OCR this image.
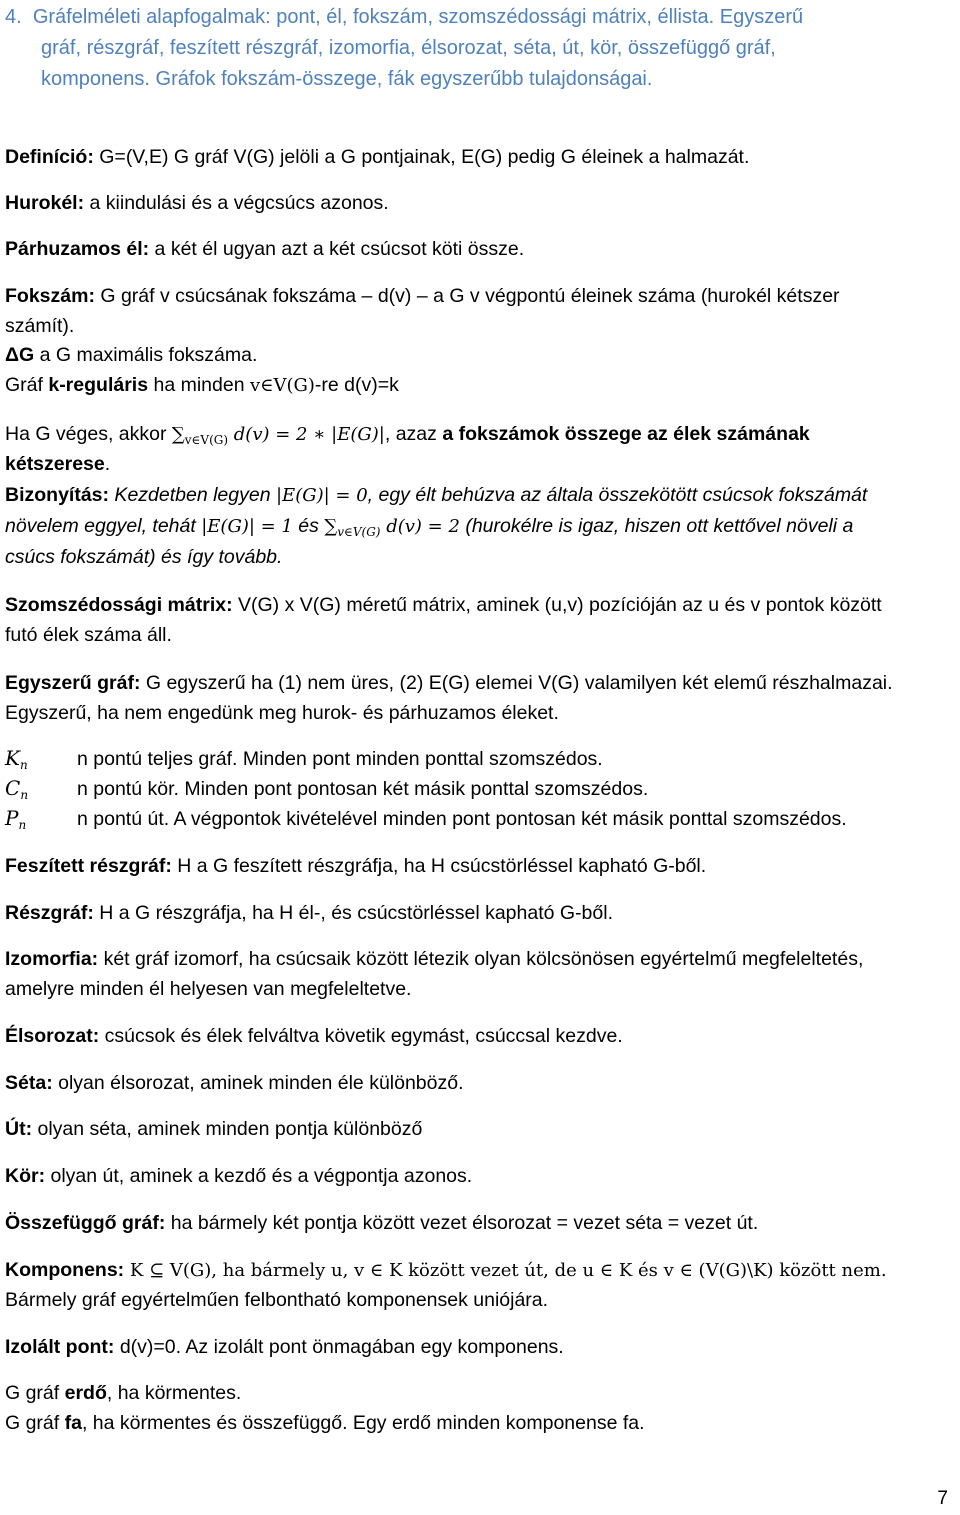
4. Gráfelméleti alapfogalmak: pont, él, fokszám, szomszédossági mátrix, éllista. Egyszerű
gráf, részgráf, feszített részgráf, izomorfia, élsorozat, séta, út, kör, összefüggő gráf,
komponens. Gráfok fokszám-összege, fák egyszerűbb tulajdonságai.
Definíció: G=(V,E) G gráf V(G) jelöli a G pontjainak, E(G) pedig G éleinek a halmazát.
Hurokél: a kiindulási és a végcsúcs azonos.
Párhuzamos él: a két él ugyan azt a két csúcsot köti össze.
Fokszám: G gráf v csúcsának fokszáma – d(v) – a G v végpontú éleinek száma (hurokél kétszer
számít).
ΔG a G maximális fokszáma.
Gráf k-reguláris ha minden v∈V(G)-re d(v)=k
Ha G véges, akkor $\sum_{v\in V(G)}$ d(v) = 2 ∗ |E(G)|, azaz a fokszámok összege az élek számának
kétszerese.
Bizonyítás: Kezdetben legyen |E(G)| = 0, egy élt behúzva az általa összekötött csúcsok fokszámát
növelem eggyel, tehát |E(G)| = 1 és $\sum_{v\in V(G)}$ d(v) = 2 (hurokélre is igaz, hiszen ott kettővel növeli a
csúcs fokszámát) és így tovább.
Szomszédossági mátrix: V(G) x V(G) méretű mátrix, aminek (u,v) pozícióján az u és v pontok között
futó élek száma áll.
Egyszerű gráf: G egyszerű ha (1) nem üres, (2) E(G) elemei V(G) valamilyen két elemű részhalmazai.
Egyszerű, ha nem engedünk meg hurok- és párhuzamos éleket.
$K_n$	n pontú teljes gráf. Minden pont minden ponttal szomszédos.
$C_n$	n pontú kör. Minden pont pontosan két másik ponttal szomszédos.
$P_n$	n pontú út. A végpontok kivételével minden pont pontosan két másik ponttal szomszédos.
Feszített részgráf: H a G feszített részgráfja, ha H csúcstörléssel kapható G-ből.
Részgráf: H a G részgráfja, ha H él-, és csúcstörléssel kapható G-ből.
Izomorfia: két gráf izomorf, ha csúcsaik között létezik olyan kölcsönösen egyértelmű megfeleltetés,
amelyre minden él helyesen van megfeleltetve.
Élsorozat: csúcsok és élek felváltva követik egymást, csúccsal kezdve.
Séta: olyan élsorozat, aminek minden éle különböző.
Út: olyan séta, aminek minden pontja különböző
Kör: olyan út, aminek a kezdő és a végpontja azonos.
Összefüggő gráf: ha bármely két pontja között vezet élsorozat = vezet séta = vezet út.
Komponens: K ⊆ V(G), ha bármely u, v ∈ K között vezet út, de u ∈ K és v ∈ (V(G)\K) között nem.
Bármely gráf egyértelműen felbontható komponensek uniójára.
Izolált pont: d(v)=0. Az izolált pont önmagában egy komponens.
G gráf erdő, ha körmentes.
G gráf fa, ha körmentes és összefüggő. Egy erdő minden komponense fa.
7
